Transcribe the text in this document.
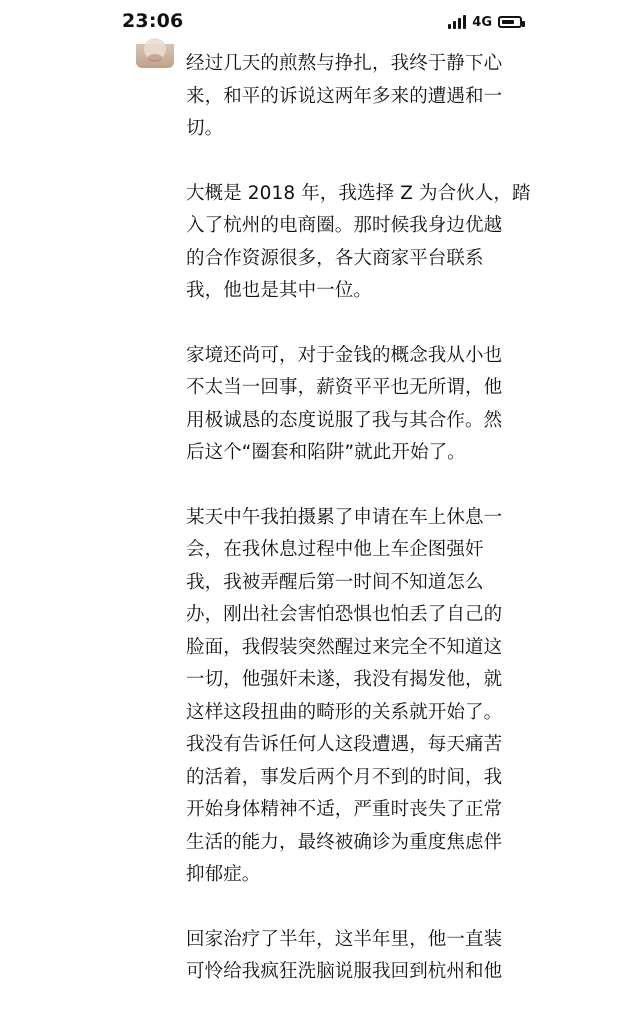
23:06	4G
经过几天的煎熬与挣扎，我终于静下心
来，和平的诉说这两年多来的遭遇和一
切。
大概是 2018 年，我选择 Z 为合伙人，踏
入了杭州的电商圈。那时候我身边优越
的合作资源很多，各大商家平台联系
我，他也是其中一位。
家境还尚可，对于金钱的概念我从小也
不太当一回事，薪资平平也无所谓，他
用极诚恳的态度说服了我与其合作。然
后这个“圈套和陷阱”就此开始了。
某天中午我拍摄累了申请在车上休息一
会，在我休息过程中他上车企图强奸
我，我被弄醒后第一时间不知道怎么
办，刚出社会害怕恐惧也怕丢了自己的
脸面，我假装突然醒过来完全不知道这
一切，他强奸未遂，我没有揭发他，就
这样这段扭曲的畸形的关系就开始了。
我没有告诉任何人这段遭遇，每天痛苦
的活着，事发后两个月不到的时间，我
开始身体精神不适，严重时丧失了正常
生活的能力，最终被确诊为重度焦虑伴
抑郁症。
回家治疗了半年，这半年里，他一直装
可怜给我疯狂洗脑说服我回到杭州和他
